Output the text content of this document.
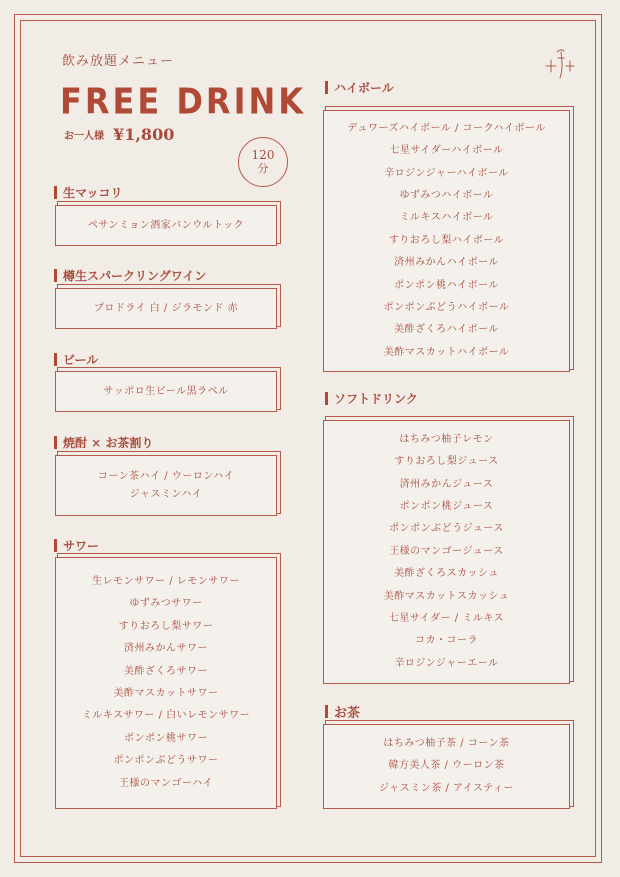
飲み放題メニュー
FREE DRINK
お一人様 ¥1,800
120
分
生マッコリ
ペサンミョン酒家バンウルトック
樽生スパークリングワイン
プロドライ 白 / ジラモンド 赤
ビール
サッポロ生ビール黒ラベル
焼酎 × お茶割り
コーン茶ハイ / ウーロンハイ
ジャスミンハイ
サワー
生レモンサワー / レモンサワー
ゆずみつサワー
すりおろし梨サワー
済州みかんサワー
美酢ざくろサワー
美酢マスカットサワー
ミルキスサワー / 白いレモンサワー
ポンポン桃サワー
ポンポンぶどうサワー
王様のマンゴーハイ
ハイボール
デュワーズハイボール / コークハイボール
七星サイダーハイボール
辛ロジンジャーハイボール
ゆずみつハイボール
ミルキスハイボール
すりおろし梨ハイボール
済州みかんハイボール
ポンポン桃ハイボール
ポンポンぶどうハイボール
美酢ざくろハイボール
美酢マスカットハイボール
ソフトドリンク
はちみつ柚子レモン
すりおろし梨ジュース
済州みかんジュース
ポンポン桃ジュース
ポンポンぶどうジュース
王様のマンゴージュース
美酢ざくろスカッシュ
美酢マスカットスカッシュ
七星サイダー / ミルキス
コカ・コーラ
辛ロジンジャーエール
お茶
はちみつ柚子茶 / コーン茶
韓方美人茶 / ウーロン茶
ジャスミン茶 / アイスティー
